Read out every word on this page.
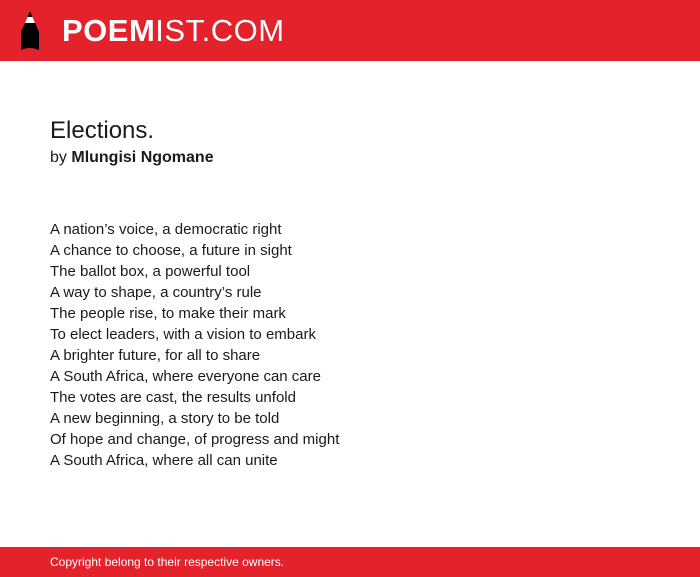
POEMIST.COM
Elections.
by Mlungisi Ngomane
A nation’s voice, a democratic right
A chance to choose, a future in sight
The ballot box, a powerful tool
A way to shape, a country’s rule
The people rise, to make their mark
To elect leaders, with a vision to embark
A brighter future, for all to share
A South Africa, where everyone can care
The votes are cast, the results unfold
A new beginning, a story to be told
Of hope and change, of progress and might
A South Africa, where all can unite
Copyright belong to their respective owners.
